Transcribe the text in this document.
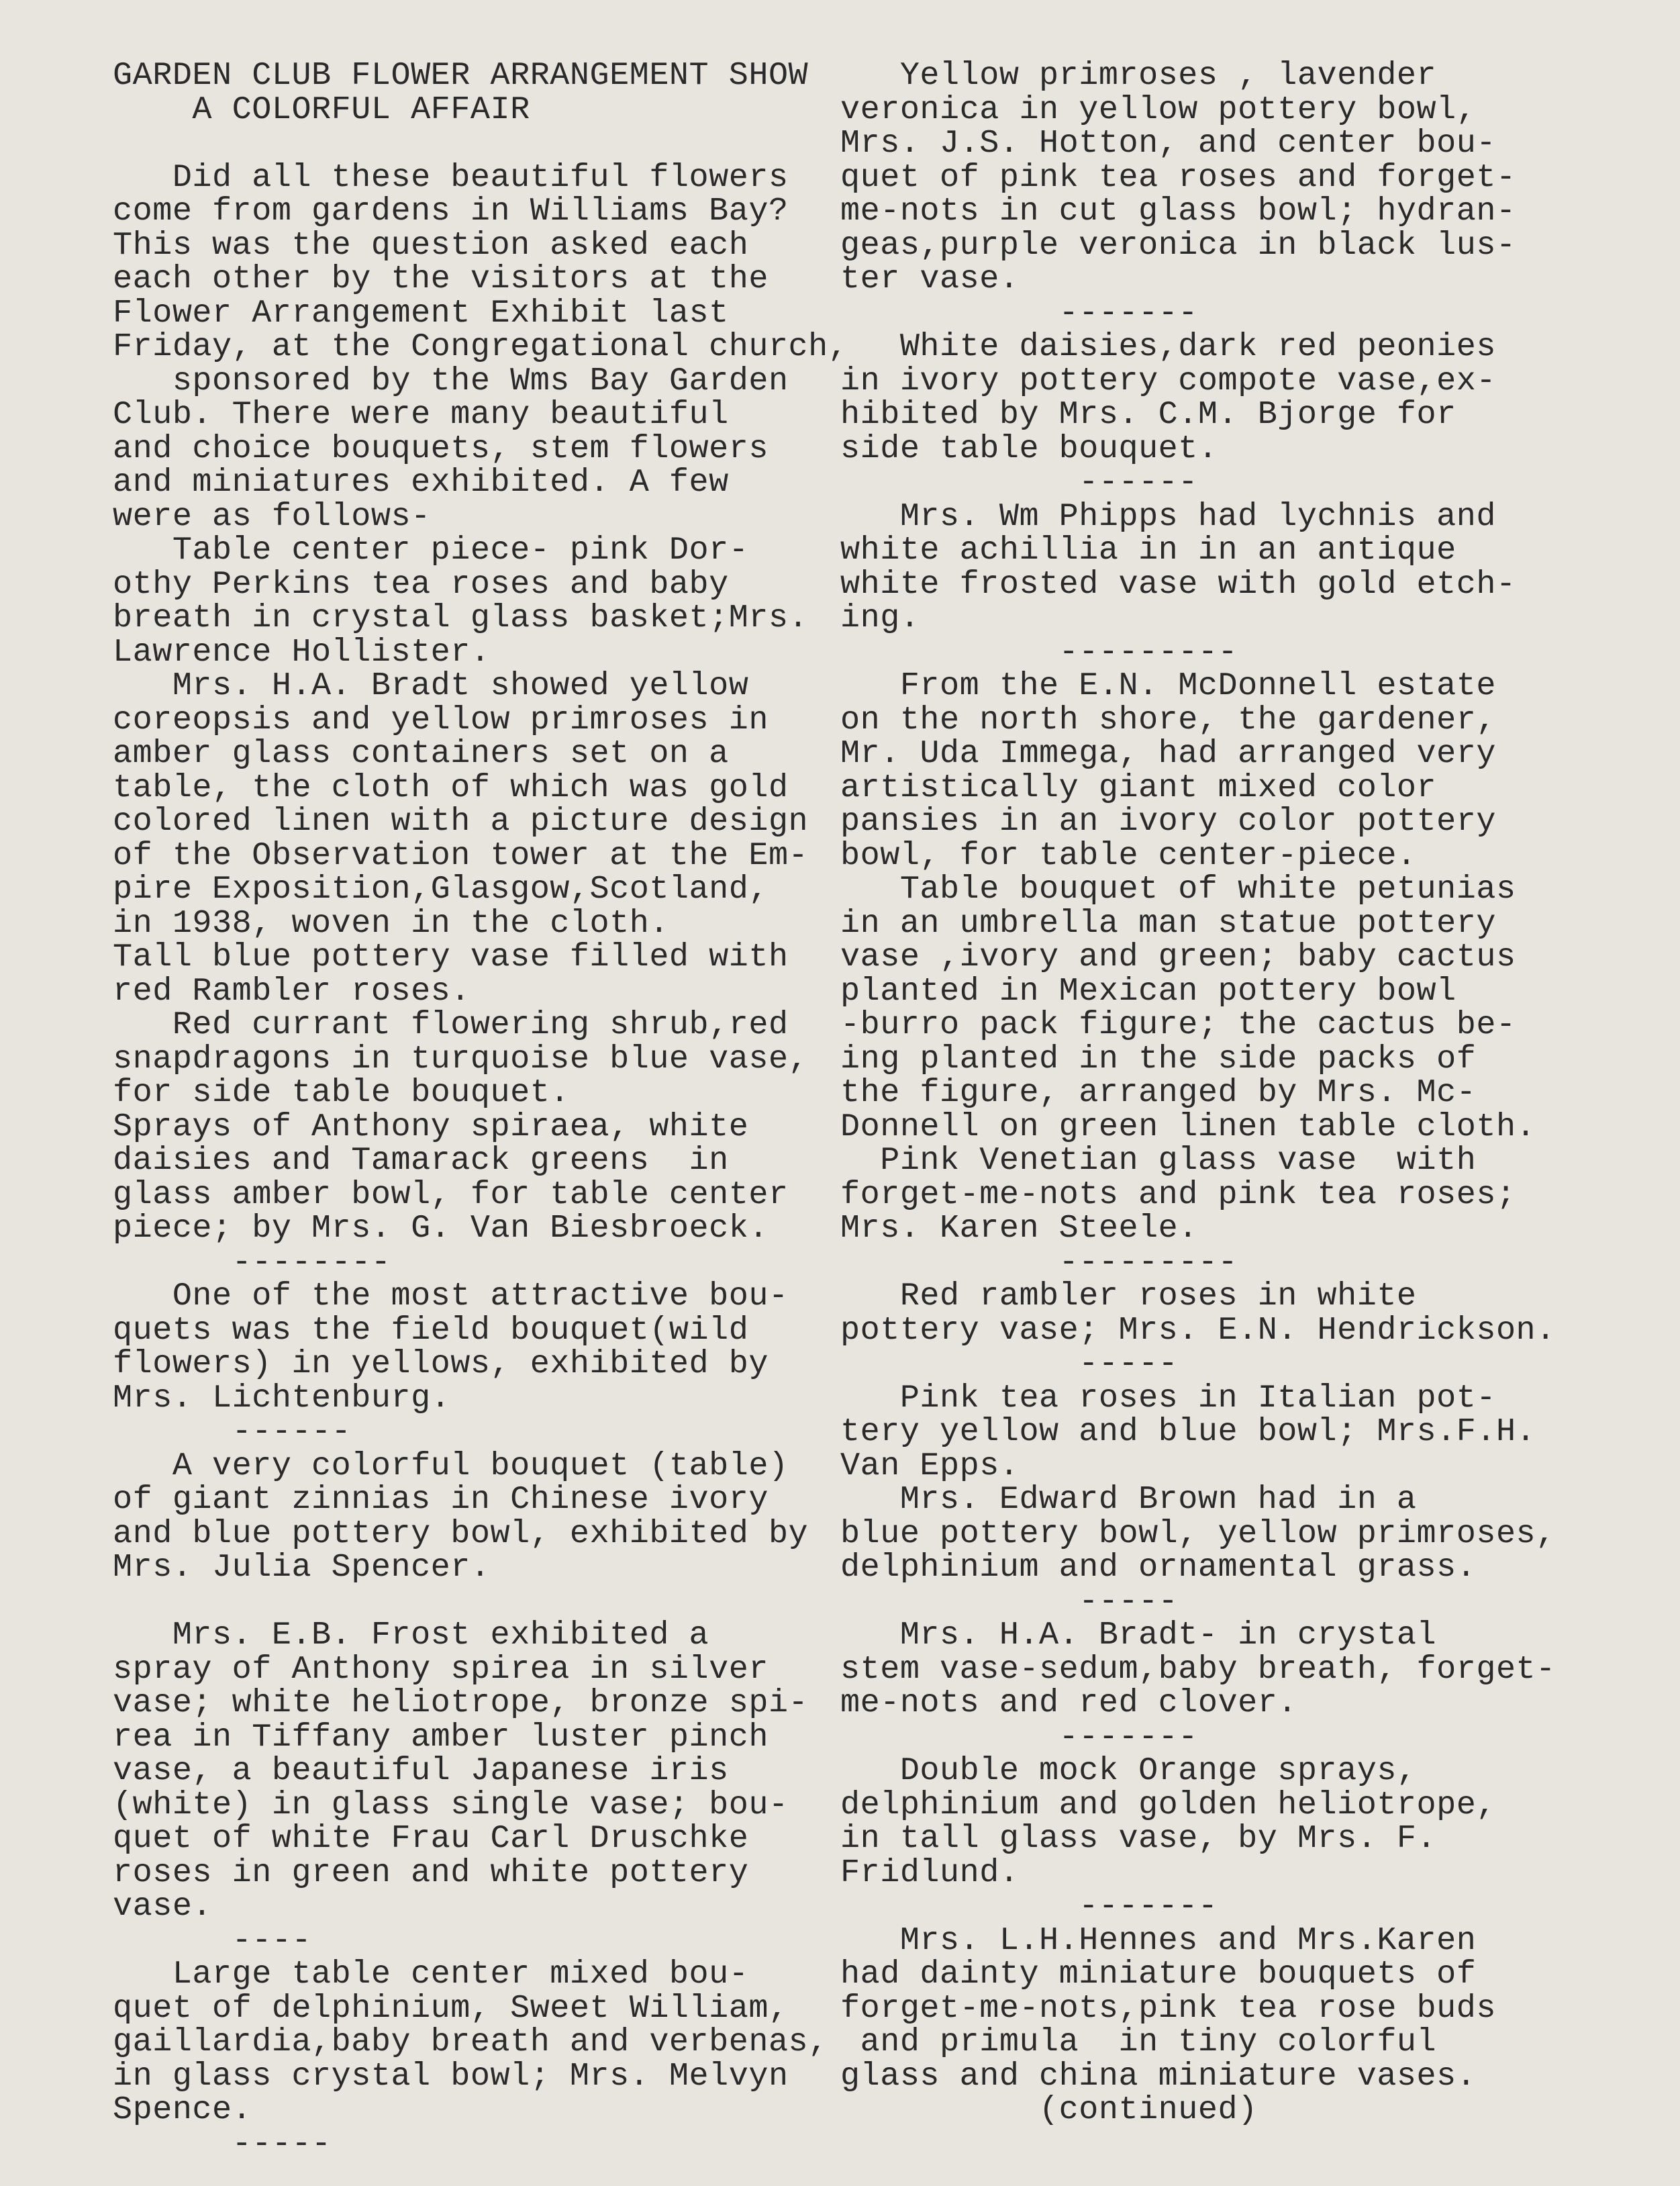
GARDEN CLUB FLOWER ARRANGEMENT SHOW
A COLORFUL AFFAIR
Did all these beautiful flowers
come from gardens in Williams Bay?
This was the question asked each
each other by the visitors at the
Flower Arrangement Exhibit last
Friday, at the Congregational church,
sponsored by the Wms Bay Garden
Club. There were many beautiful
and choice bouquets, stem flowers
and miniatures exhibited. A few
were as follows-
Table center piece- pink Dor-
othy Perkins tea roses and baby
breath in crystal glass basket;Mrs.
Lawrence Hollister.
Mrs. H.A. Bradt showed yellow
coreopsis and yellow primroses in
amber glass containers set on a
table, the cloth of which was gold
colored linen with a picture design
of the Observation tower at the Em-
pire Exposition,Glasgow,Scotland,
in 1938, woven in the cloth.
Tall blue pottery vase filled with
red Rambler roses.
Red currant flowering shrub,red
snapdragons in turquoise blue vase,
for side table bouquet.
Sprays of Anthony spiraea, white
daisies and Tamarack greens  in
glass amber bowl, for table center
piece; by Mrs. G. Van Biesbroeck.
--------
One of the most attractive bou-
quets was the field bouquet(wild
flowers) in yellows, exhibited by
Mrs. Lichtenburg.
------
A very colorful bouquet (table)
of giant zinnias in Chinese ivory
and blue pottery bowl, exhibited by
Mrs. Julia Spencer.
Mrs. E.B. Frost exhibited a
spray of Anthony spirea in silver
vase; white heliotrope, bronze spi-
rea in Tiffany amber luster pinch
vase, a beautiful Japanese iris
(white) in glass single vase; bou-
quet of white Frau Carl Druschke
roses in green and white pottery
vase.
----
Large table center mixed bou-
quet of delphinium, Sweet William,
gaillardia,baby breath and verbenas,
in glass crystal bowl; Mrs. Melvyn
Spence.
-----
Yellow primroses , lavender
veronica in yellow pottery bowl,
Mrs. J.S. Hotton, and center bou-
quet of pink tea roses and forget-
me-nots in cut glass bowl; hydran-
geas,purple veronica in black lus-
ter vase.
-------
White daisies,dark red peonies
in ivory pottery compote vase,ex-
hibited by Mrs. C.M. Bjorge for
side table bouquet.
------
Mrs. Wm Phipps had lychnis and
white achillia in in an antique
white frosted vase with gold etch-
ing.
---------
From the E.N. McDonnell estate
on the north shore, the gardener,
Mr. Uda Immega, had arranged very
artistically giant mixed color
pansies in an ivory color pottery
bowl, for table center-piece.
Table bouquet of white petunias
in an umbrella man statue pottery
vase ,ivory and green; baby cactus
planted in Mexican pottery bowl
-burro pack figure; the cactus be-
ing planted in the side packs of
the figure, arranged by Mrs. Mc-
Donnell on green linen table cloth.
Pink Venetian glass vase  with
forget-me-nots and pink tea roses;
Mrs. Karen Steele.
---------
Red rambler roses in white
pottery vase; Mrs. E.N. Hendrickson.
-----
Pink tea roses in Italian pot-
tery yellow and blue bowl; Mrs.F.H.
Van Epps.
Mrs. Edward Brown had in a
blue pottery bowl, yellow primroses,
delphinium and ornamental grass.
-----
Mrs. H.A. Bradt- in crystal
stem vase-sedum,baby breath, forget-
me-nots and red clover.
-------
Double mock Orange sprays,
delphinium and golden heliotrope,
in tall glass vase, by Mrs. F.
Fridlund.
-------
Mrs. L.H.Hennes and Mrs.Karen
had dainty miniature bouquets of
forget-me-nots,pink tea rose buds
and primula  in tiny colorful
glass and china miniature vases.
(continued)
